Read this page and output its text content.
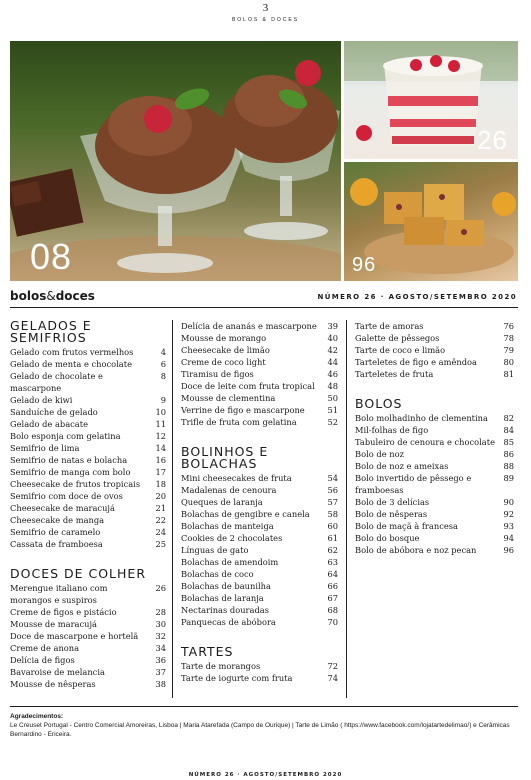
3
BOLOS & DOCES
08
26
96
bolos&doces	NÚMERO 26 · AGOSTO/SETEMBRO 2020
GELADOS E SEMIFRIOS
Gelado com frutos vermelhos	4
Gelado de menta e chocolate	6
Gelado de chocolate e mascarpone
8
Gelado de kiwi	9
Sanduíche de gelado	10
Gelado de abacate	11
Bolo esponja com gelatina	12
Semifrio de lima	14
Semifrio de natas e bolacha	16
Semifrio de manga com bolo	17
Cheesecake de frutos tropicais	18
Semifrio com doce de ovos	20
Cheesecake de maracujá	21
Cheesecake de manga	22
Semifrio de caramelo	24
Cassata de framboesa	25
DOCES DE COLHER
Merengue italiano com morangos e suspiros
26
Creme de figos e pistácio	28
Mousse de maracujá	30
Doce de mascarpone e hortelã	32
Creme de anona	34
Delícia de figos	36
Bavaroise de melancia	37
Mousse de nêsperas	38
Delícia de ananás e mascarpone	39
Mousse de morango	40
Cheesecake de limão	42
Creme de coco light	44
Tiramisu de figos	46
Doce de leite com fruta tropical	48
Mousse de clementina	50
Verrine de figo e mascarpone	51
Trifle de fruta com gelatina	52
BOLINHOS E BOLACHAS
Mini cheesecakes de fruta	54
Madalenas de cenoura	56
Queques de laranja	57
Bolachas de gengibre e canela	58
Bolachas de manteiga	60
Cookies de 2 chocolates	61
Línguas de gato	62
Bolachas de amendoim	63
Bolachas de coco	64
Bolachas de baunilha	66
Bolachas de laranja	67
Nectarinas douradas	68
Panquecas de abóbora	70
TARTES
Tarte de morangos	72
Tarte de iogurte com fruta	74
Tarte de amoras	76
Galette de pêssegos	78
Tarte de coco e limão	79
Tarteletes de figo e amêndoa	80
Tarteletes de fruta	81
BOLOS
Bolo molhadinho de clementina	82
Mil-folhas de figo	84
Tabuleiro de cenoura e chocolate	85
Bolo de noz	86
Bolo de noz e ameixas	88
Bolo invertido de pêssego e framboesas
89
Bolo de 3 delícias	90
Bolo de nêsperas	92
Bolo de maçã à francesa	93
Bolo do bosque	94
Bolo de abóbora e noz pecan	96
Agradecimentos:
Le Creuset Portugal - Centro Comercial Amoreiras, Lisboa | Maria Atarefada (Campo de Ourique) | Tarte de Limão ( https://www.facebook.com/lojatartedelimao/) e Cerâmicas Bernardino - Ericeira.
NÚMERO 26 · AGOSTO/SETEMBRO 2020
